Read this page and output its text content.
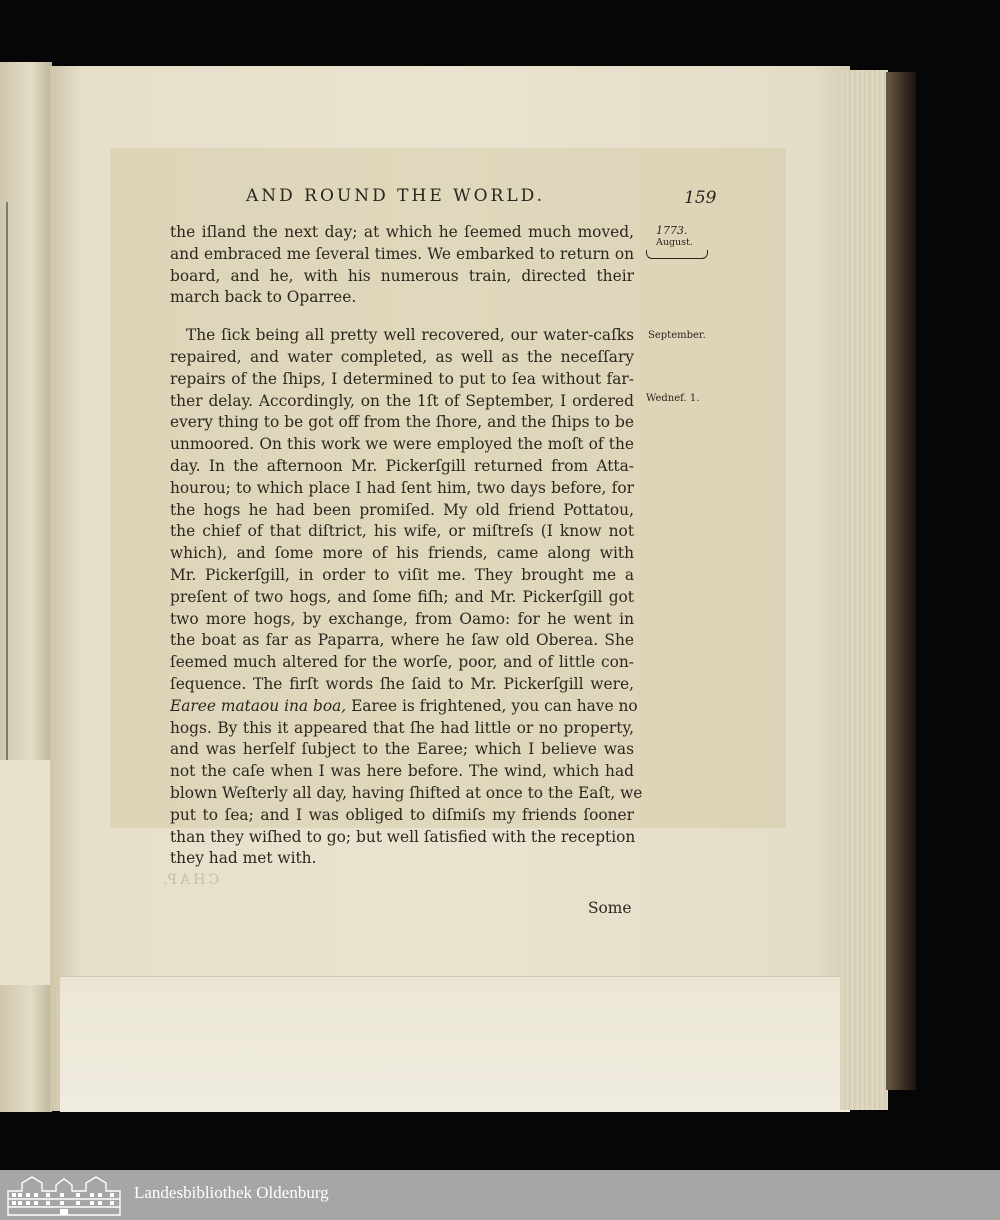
AND ROUND THE WORLD.	159
1773.
August.
September.
Wednef. 1.
the iſland the next day; at which he ſeemed much moved,
and embraced me ſeveral times. We embarked to return on
board, and he, with his numerous train, directed their
march back to Oparree.
The ſick being all pretty well recovered, our water-caſks
repaired, and water completed, as well as the neceſſary
repairs of the ſhips, I determined to put to ſea without far-
ther delay. Accordingly, on the 1ſt of September, I ordered
every thing to be got off from the ſhore, and the ſhips to be
unmoored. On this work we were employed the moſt of the
day. In the afternoon Mr. Pickerſgill returned from Atta-
hourou; to which place I had ſent him, two days before, for
the hogs he had been promiſed. My old friend Pottatou,
the chief of that diſtrict, his wife, or miſtreſs (I know not
which), and ſome more of his friends, came along with
Mr. Pickerſgill, in order to viſit me. They brought me a
preſent of two hogs, and ſome fiſh; and Mr. Pickerſgill got
two more hogs, by exchange, from Oamo: for he went in
the boat as far as Paparra, where he ſaw old Oberea. She
ſeemed much altered for the worſe, poor, and of little con-
ſequence. The firſt words ſhe ſaid to Mr. Pickerſgill were,
Earee mataou ina boa, Earee is frightened, you can have no
hogs. By this it appeared that ſhe had little or no property,
and was herſelf ſubject to the Earee; which I believe was
not the caſe when I was here before. The wind, which had
blown Weſterly all day, having ſhifted at once to the Eaſt, we
put to ſea; and I was obliged to diſmiſs my friends ſooner
than they wiſhed to go; but well ſatisfied with the reception
they had met with.
CHAP.
Some
Landesbibliothek Oldenburg
